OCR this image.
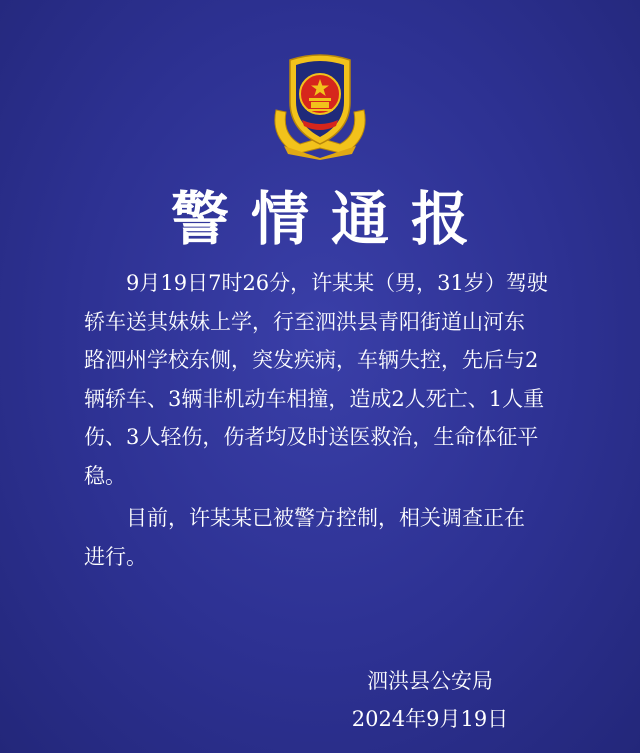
警情通报
9月19日7时26分，许某某（男，31岁）驾驶
轿车送其妹妹上学，行至泗洪县青阳街道山河东
路泗州学校东侧，突发疾病，车辆失控，先后与2
辆轿车、3辆非机动车相撞，造成2人死亡、1人重
伤、3人轻伤，伤者均及时送医救治，生命体征平
稳。
目前，许某某已被警方控制，相关调查正在
进行。
泗洪县公安局
2024年9月19日
